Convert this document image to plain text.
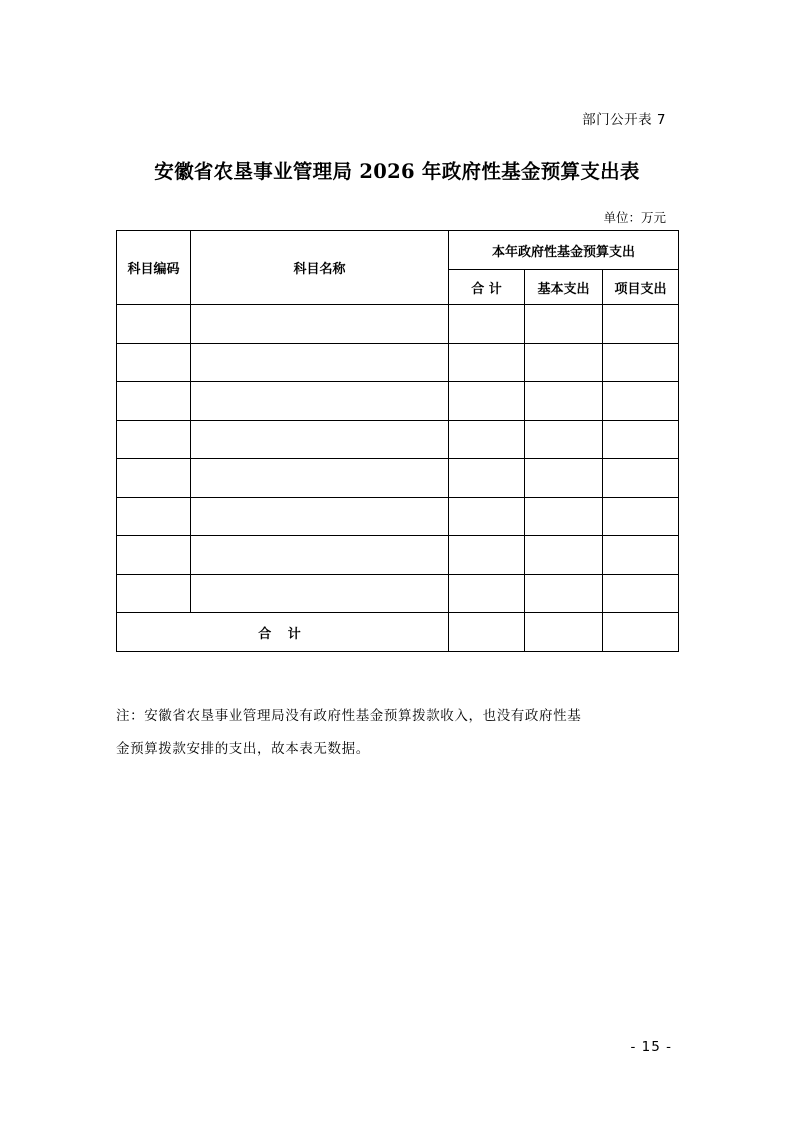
部门公开表 7
安徽省农垦事业管理局 2026 年政府性基金预算支出表
单位：万元
科目编码	科目名称	本年政府性基金预算支出		
		合 计	基本支出	项目支出

合 计				
注：安徽省农垦事业管理局没有政府性基金预算拨款收入，也没有政府性基
金预算拨款安排的支出，故本表无数据。
- 15 -
